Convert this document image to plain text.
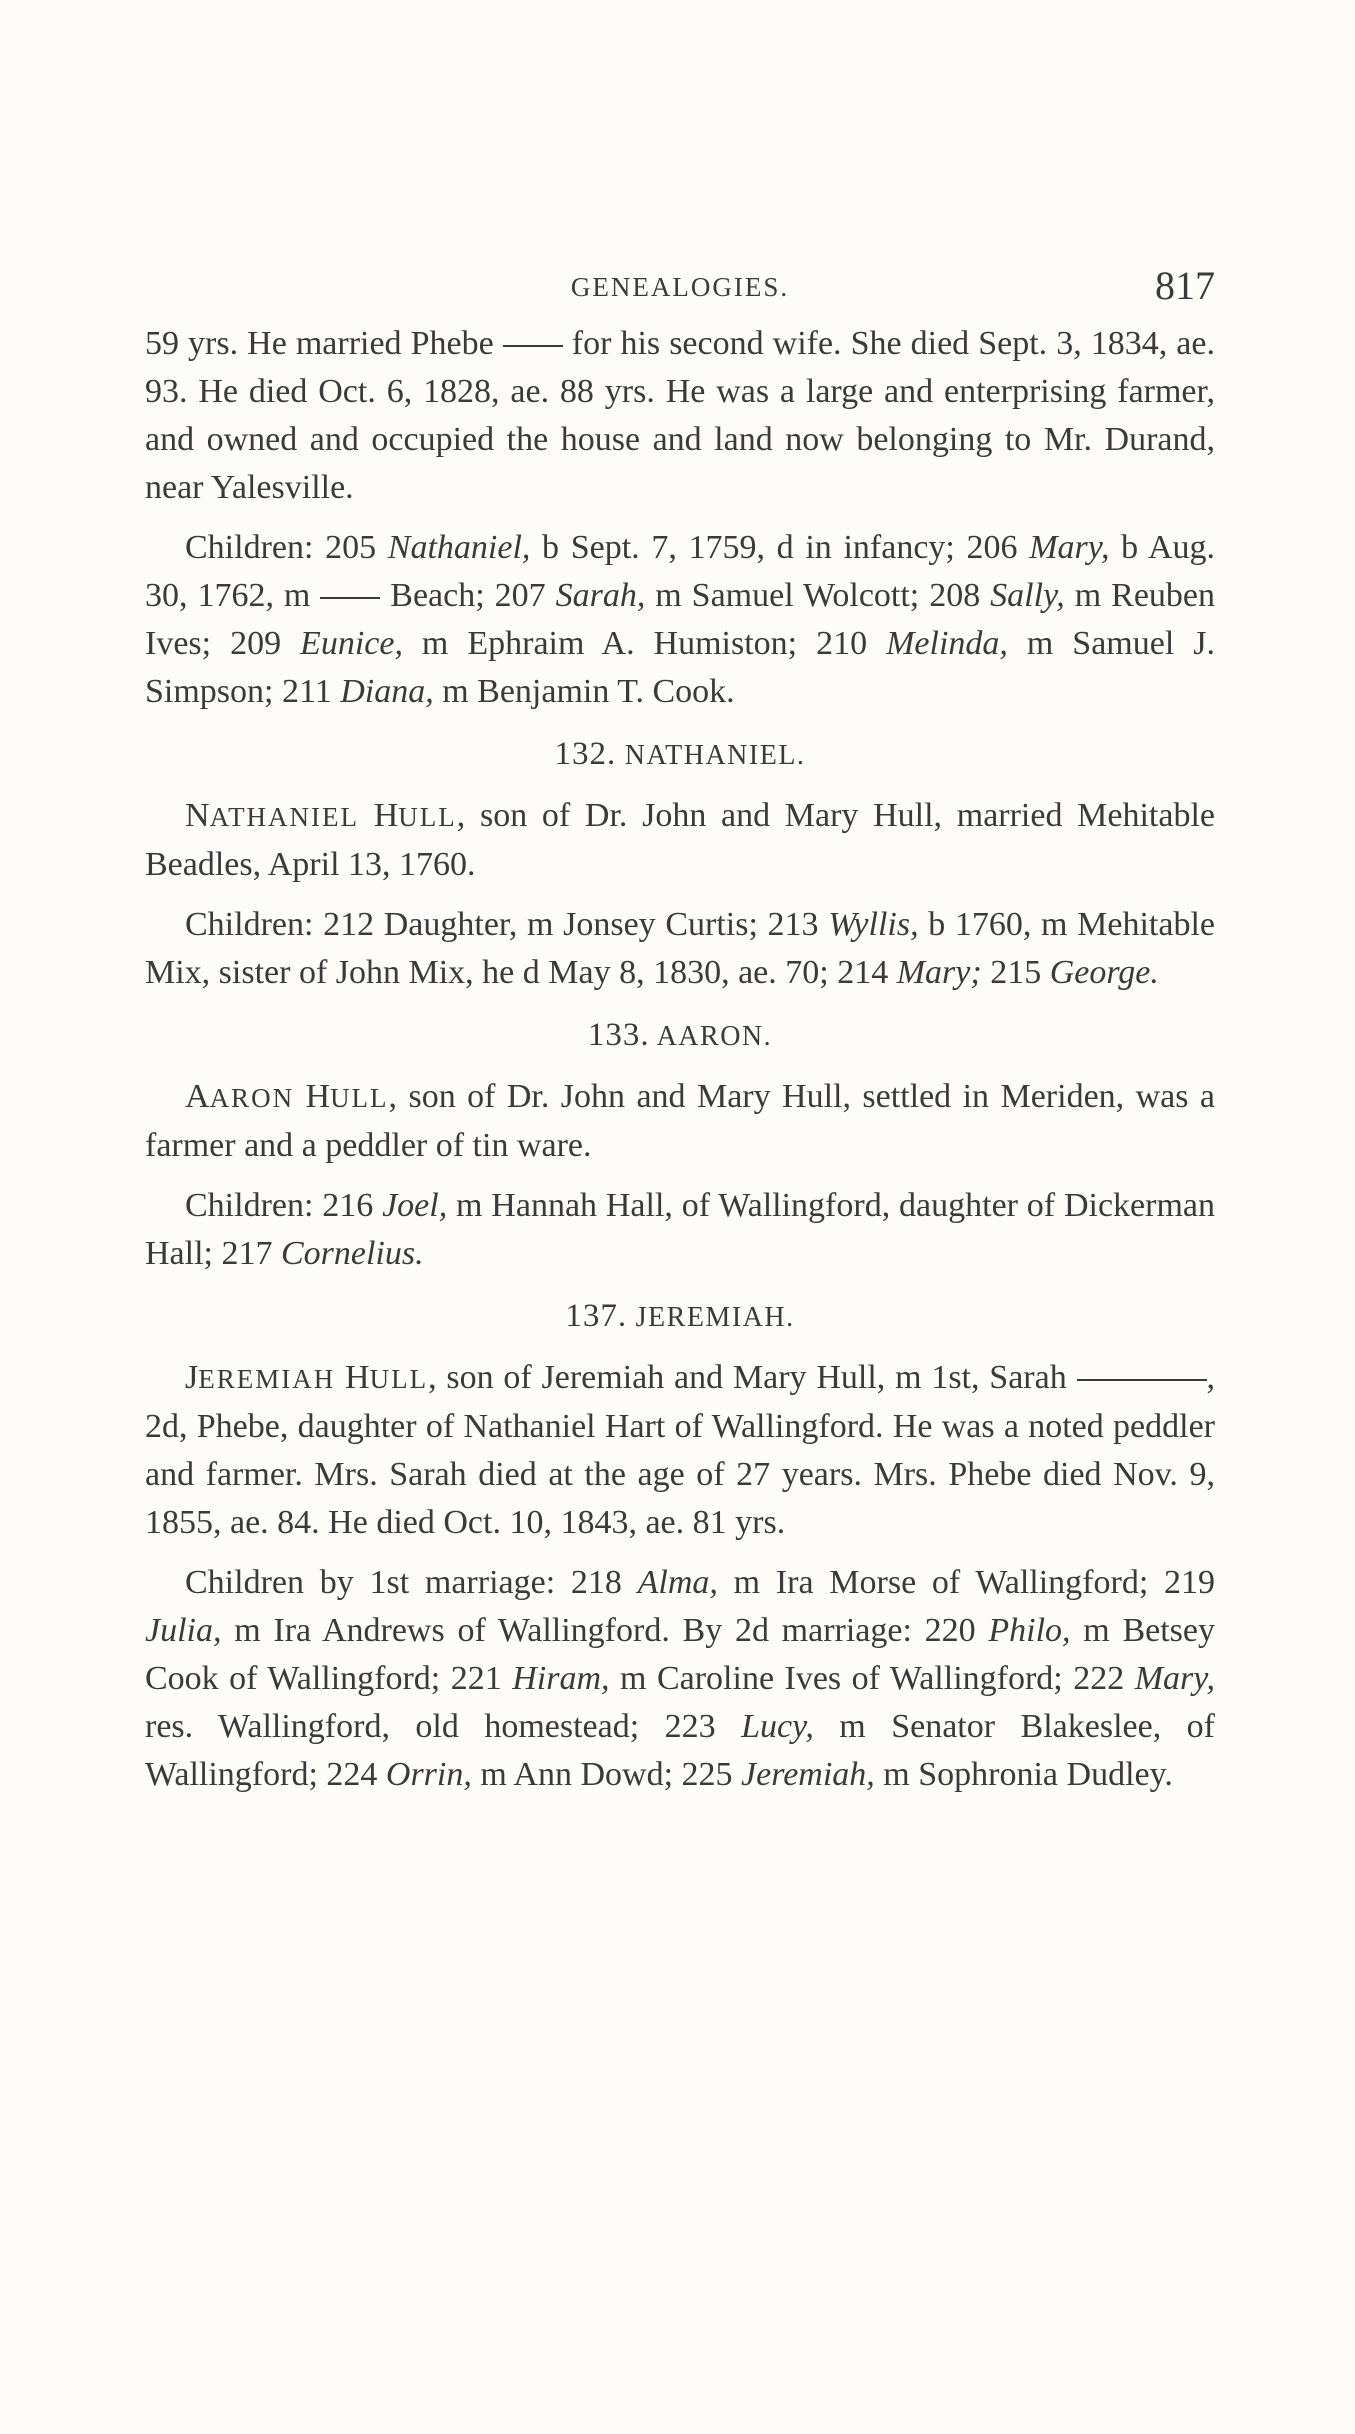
GENEALOGIES.	817

59 yrs. He married Phebe  for his second wife. She died Sept. 3, 1834, ae. 93. He died Oct. 6, 1828, ae. 88 yrs. He was a large and enterprising farmer, and owned and occupied the house and land now belonging to Mr. Durand, near Yalesville.

Children: 205 Nathaniel, b Sept. 7, 1759, d in infancy; 206 Mary, b Aug. 30, 1762, m  Beach; 207 Sarah, m Samuel Wolcott; 208 Sally, m Reuben Ives; 209 Eunice, m Ephraim A. Humiston; 210 Melinda, m Samuel J. Simpson; 211 Diana, m Benjamin T. Cook.

132. NATHANIEL.

NATHANIEL HULL, son of Dr. John and Mary Hull, married Mehitable Beadles, April 13, 1760.

Children: 212 Daughter, m Jonsey Curtis; 213 Wyllis, b 1760, m Mehitable Mix, sister of John Mix, he d May 8, 1830, ae. 70; 214 Mary; 215 George.

133. AARON.

AARON HULL, son of Dr. John and Mary Hull, settled in Meriden, was a farmer and a peddler of tin ware.

Children: 216 Joel, m Hannah Hall, of Wallingford, daughter of Dickerman Hall; 217 Cornelius.

137. JEREMIAH.

JEREMIAH HULL, son of Jeremiah and Mary Hull, m 1st, Sarah	, 2d, Phebe, daughter of Nathaniel Hart of Wallingford. He was a noted peddler and farmer. Mrs. Sarah died at the age of 27 years. Mrs. Phebe died Nov. 9, 1855, ae. 84. He died Oct. 10, 1843, ae. 81 yrs.

Children by 1st marriage: 218 Alma, m Ira Morse of Wallingford; 219 Julia, m Ira Andrews of Wallingford. By 2d marriage: 220 Philo, m Betsey Cook of Wallingford; 221 Hiram, m Caroline Ives of Wallingford; 222 Mary, res. Wallingford, old homestead; 223 Lucy, m Senator Blakeslee, of Wallingford; 224 Orrin, m Ann Dowd; 225 Jeremiah, m Sophronia Dudley.
